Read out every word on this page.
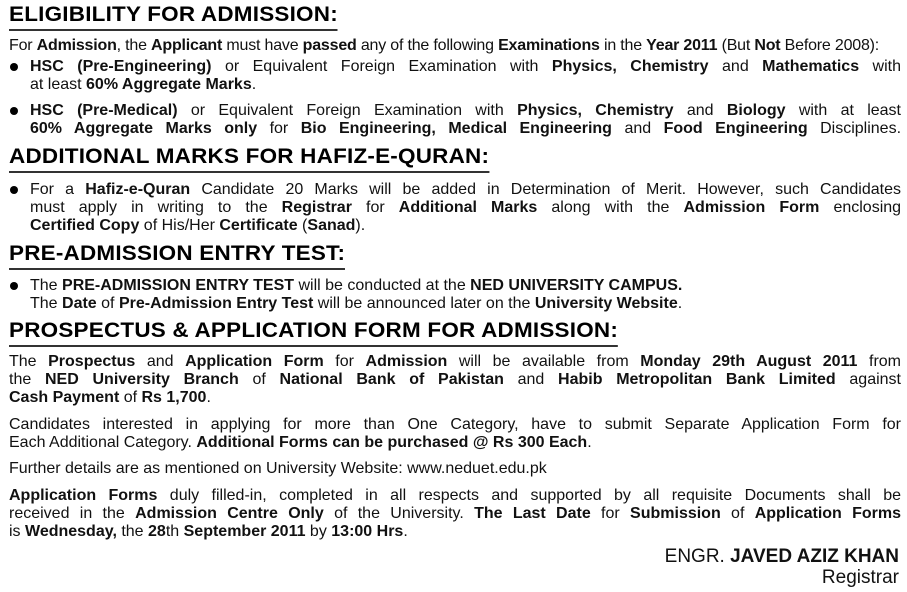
ELIGIBILITY FOR ADMISSION:
For Admission, the Applicant must have passed any of the following Examinations in the Year 2011 (But Not Before 2008):
HSC (Pre-Engineering) or Equivalent Foreign Examination with Physics, Chemistry and Mathematics with
at least 60% Aggregate Marks.
HSC (Pre-Medical) or Equivalent Foreign Examination with Physics, Chemistry and Biology with at least
60% Aggregate Marks only for Bio Engineering, Medical Engineering and Food Engineering Disciplines.
ADDITIONAL MARKS FOR HAFIZ-E-QURAN:
For a Hafiz-e-Quran Candidate 20 Marks will be added in Determination of Merit. However, such Candidates
must apply in writing to the Registrar for Additional Marks along with the Admission Form enclosing
Certified Copy of His/Her Certificate (Sanad).
PRE-ADMISSION ENTRY TEST:
The PRE-ADMISSION ENTRY TEST will be conducted at the NED UNIVERSITY CAMPUS.
The Date of Pre-Admission Entry Test will be announced later on the University Website.
PROSPECTUS & APPLICATION FORM FOR ADMISSION:
The Prospectus and Application Form for Admission will be available from Monday 29th August 2011 from
the NED University Branch of National Bank of Pakistan and Habib Metropolitan Bank Limited against
Cash Payment of Rs 1,700.
Candidates interested in applying for more than One Category, have to submit Separate Application Form for
Each Additional Category. Additional Forms can be purchased @ Rs 300 Each.
Further details are as mentioned on University Website: www.neduet.edu.pk
Application Forms duly filled-in, completed in all respects and supported by all requisite Documents shall be
received in the Admission Centre Only of the University. The Last Date for Submission of Application Forms
is Wednesday, the 28th September 2011 by 13:00 Hrs.
ENGR. JAVED AZIZ KHAN
Registrar
